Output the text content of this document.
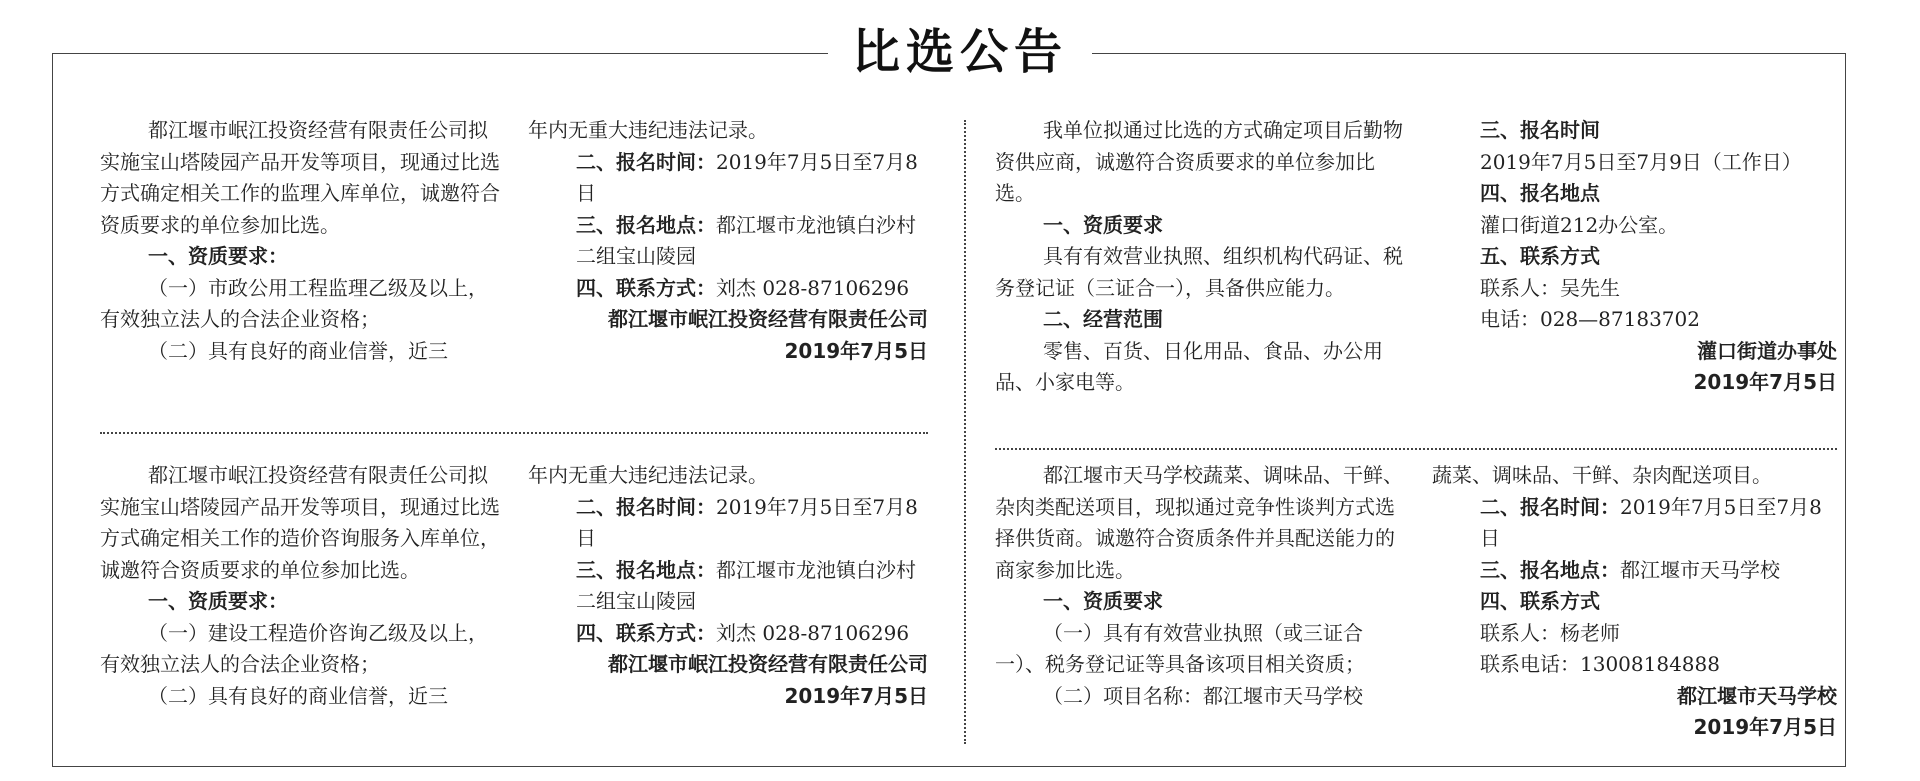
比选公告

都江堰市岷江投资经营有限责任公司拟实施宝山塔陵园产品开发等项目，现通过比选方式确定相关工作的监理入库单位，诚邀符合资质要求的单位参加比选。

一、资质要求：

（一）市政公用工程监理乙级及以上，有效独立法人的合法企业资格；

（二）具有良好的商业信誉，近三

年内无重大违纪违法记录。

二、报名时间：2019年7月5日至7月8日

三、报名地点：都江堰市龙池镇白沙村二组宝山陵园

四、联系方式：刘杰 028-87106296

都江堰市岷江投资经营有限责任公司

2019年7月5日

都江堰市岷江投资经营有限责任公司拟实施宝山塔陵园产品开发等项目，现通过比选方式确定相关工作的造价咨询服务入库单位，诚邀符合资质要求的单位参加比选。

一、资质要求：

（一）建设工程造价咨询乙级及以上，有效独立法人的合法企业资格；

（二）具有良好的商业信誉，近三

年内无重大违纪违法记录。

二、报名时间：2019年7月5日至7月8日

三、报名地点：都江堰市龙池镇白沙村二组宝山陵园

四、联系方式：刘杰 028-87106296

都江堰市岷江投资经营有限责任公司

2019年7月5日

我单位拟通过比选的方式确定项目后勤物资供应商，诚邀符合资质要求的单位参加比选。

一、资质要求

具有有效营业执照、组织机构代码证、税务登记证（三证合一），具备供应能力。

二、经营范围

零售、百货、日化用品、食品、办公用品、小家电等。

三、报名时间

2019年7月5日至7月9日（工作日）

四、报名地点

灌口街道212办公室。

五、联系方式

联系人：吴先生

电话：028—87183702

灌口街道办事处

2019年7月5日

都江堰市天马学校蔬菜、调味品、干鲜、杂肉类配送项目，现拟通过竞争性谈判方式选择供货商。诚邀符合资质条件并具配送能力的商家参加比选。

一、资质要求

（一）具有有效营业执照（或三证合一）、税务登记证等具备该项目相关资质；

（二）项目名称：都江堰市天马学校

蔬菜、调味品、干鲜、杂肉配送项目。

二、报名时间：2019年7月5日至7月8日

三、报名地点：都江堰市天马学校

四、联系方式

联系人：杨老师

联系电话：13008184888

都江堰市天马学校

2019年7月5日
